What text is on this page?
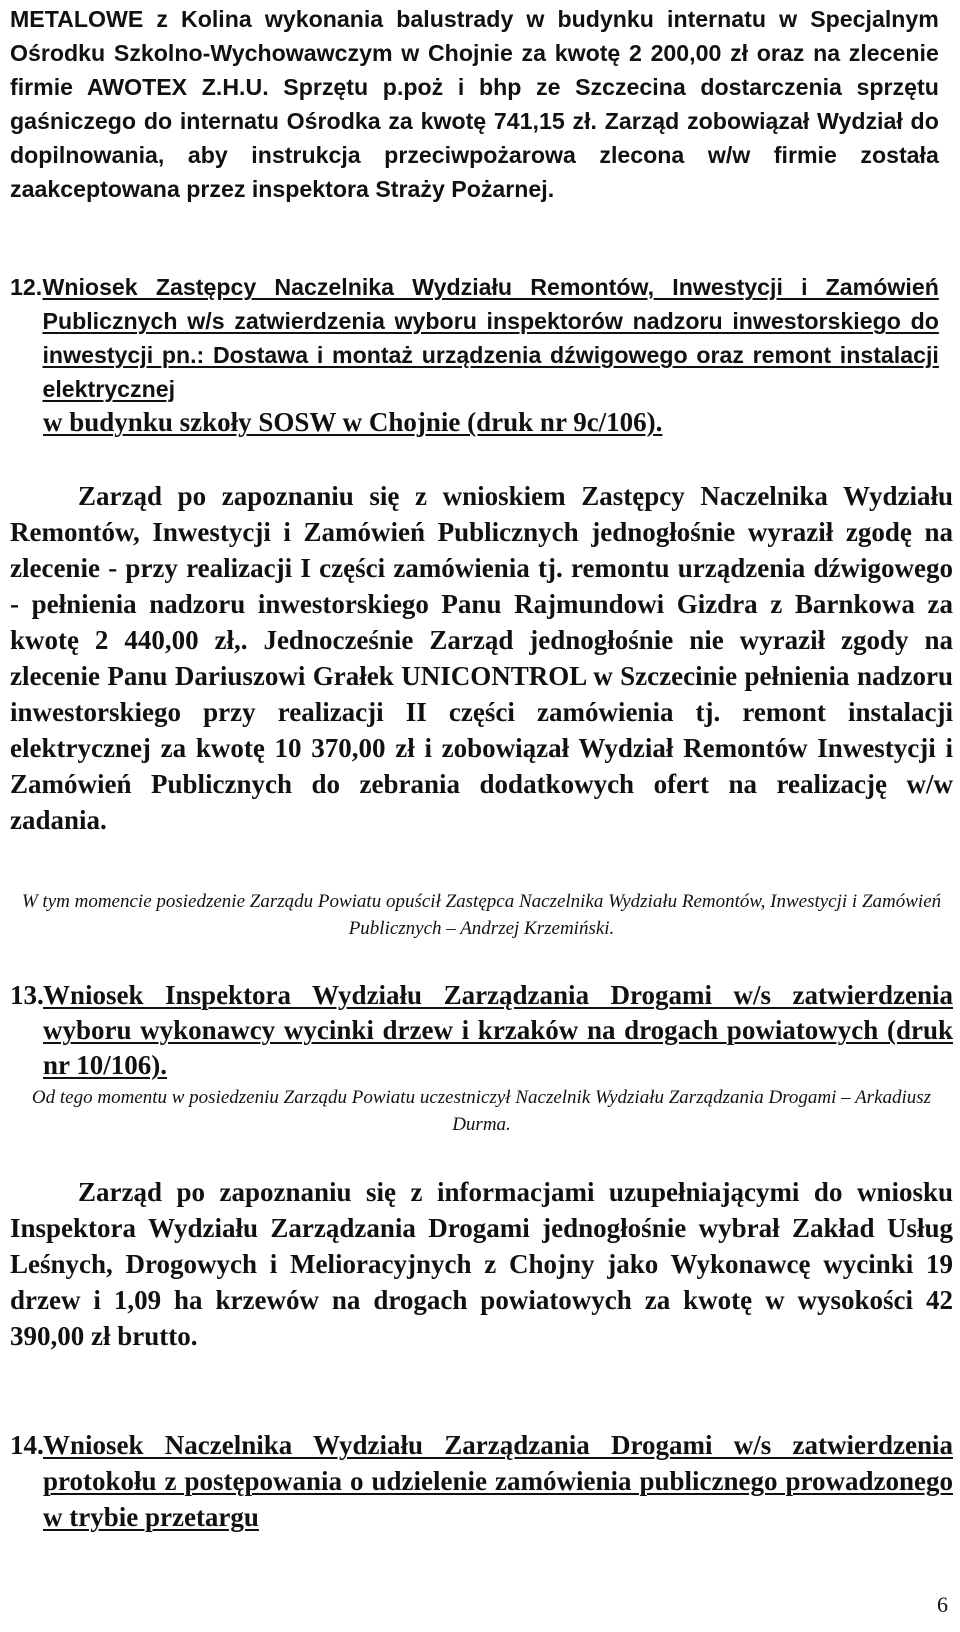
METALOWE z Kolina wykonania balustrady w budynku internatu w Specjalnym Ośrodku Szkolno-Wychowawczym w Chojnie za kwotę 2 200,00 zł oraz na zlecenie firmie AWOTEX Z.H.U. Sprzętu p.poż i bhp ze Szczecina dostarczenia sprzętu gaśniczego do internatu Ośrodka za kwotę 741,15 zł. Zarząd zobowiązał Wydział do dopilnowania, aby instrukcja przeciwpożarowa zlecona w/w firmie została zaakceptowana przez inspektora Straży Pożarnej.

12. Wniosek Zastępcy Naczelnika Wydziału Remontów, Inwestycji i Zamówień Publicznych w/s zatwierdzenia wyboru inspektorów nadzoru inwestorskiego do inwestycji pn.: Dostawa i montaż urządzenia dźwigowego oraz remont instalacji elektrycznej

w budynku szkoły SOSW w Chojnie (druk nr 9c/106).

Zarząd po zapoznaniu się z wnioskiem Zastępcy Naczelnika Wydziału Remontów, Inwestycji i Zamówień Publicznych jednogłośnie wyraził zgodę na zlecenie - przy realizacji I części zamówienia tj. remontu urządzenia dźwigowego - pełnienia nadzoru inwestorskiego Panu Rajmundowi Gizdra z Barnkowa za kwotę 2 440,00 zł,. Jednocześnie Zarząd jednogłośnie nie wyraził zgody na zlecenie Panu Dariuszowi Grałek UNICONTROL w Szczecinie pełnienia nadzoru inwestorskiego przy realizacji II części zamówienia tj. remont instalacji elektrycznej za kwotę 10 370,00 zł i zobowiązał Wydział Remontów Inwestycji i Zamówień Publicznych do zebrania dodatkowych ofert na realizację w/w zadania.

W tym momencie posiedzenie Zarządu Powiatu opuścił Zastępca Naczelnika Wydziału Remontów, Inwestycji i Zamówień Publicznych – Andrzej Krzemiński.

13. Wniosek Inspektora Wydziału Zarządzania Drogami w/s zatwierdzenia wyboru wykonawcy wycinki drzew i krzaków na drogach powiatowych (druk nr 10/106).

Od tego momentu w posiedzeniu Zarządu Powiatu uczestniczył Naczelnik Wydziału Zarządzania Drogami – Arkadiusz Durma.

Zarząd po zapoznaniu się z informacjami uzupełniającymi do wniosku Inspektora Wydziału Zarządzania Drogami jednogłośnie wybrał Zakład Usług Leśnych, Drogowych i Melioracyjnych z Chojny jako Wykonawcę wycinki 19 drzew i 1,09 ha krzewów na drogach powiatowych za kwotę w wysokości 42 390,00 zł brutto.

14. Wniosek Naczelnika Wydziału Zarządzania Drogami w/s zatwierdzenia protokołu z postępowania o udzielenie zamówienia publicznego prowadzonego w trybie przetargu

6
